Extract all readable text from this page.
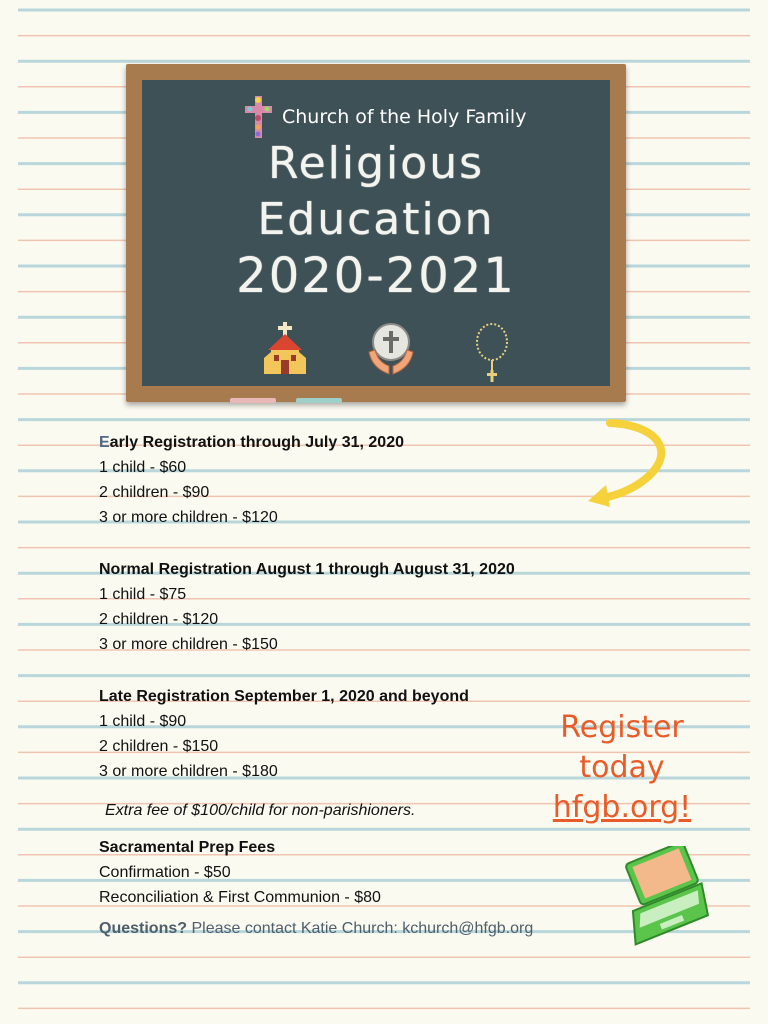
Church of the Holy Family
Religious
Education
2020-2021
Early Registration through July 31, 2020
1 child - $60
2 children - $90
3 or more children - $120
Normal Registration August 1 through August 31, 2020
1 child - $75
2 children - $120
3 or more children - $150
Late Registration September 1, 2020 and beyond
1 child - $90
2 children - $150
3 or more children - $180
Extra fee of $100/child for non-parishioners.
Sacramental Prep Fees
Confirmation - $50
Reconciliation & First Communion - $80
Questions? Please contact Katie Church: kchurch@hfgb.org
Register
today
hfgb.org!
